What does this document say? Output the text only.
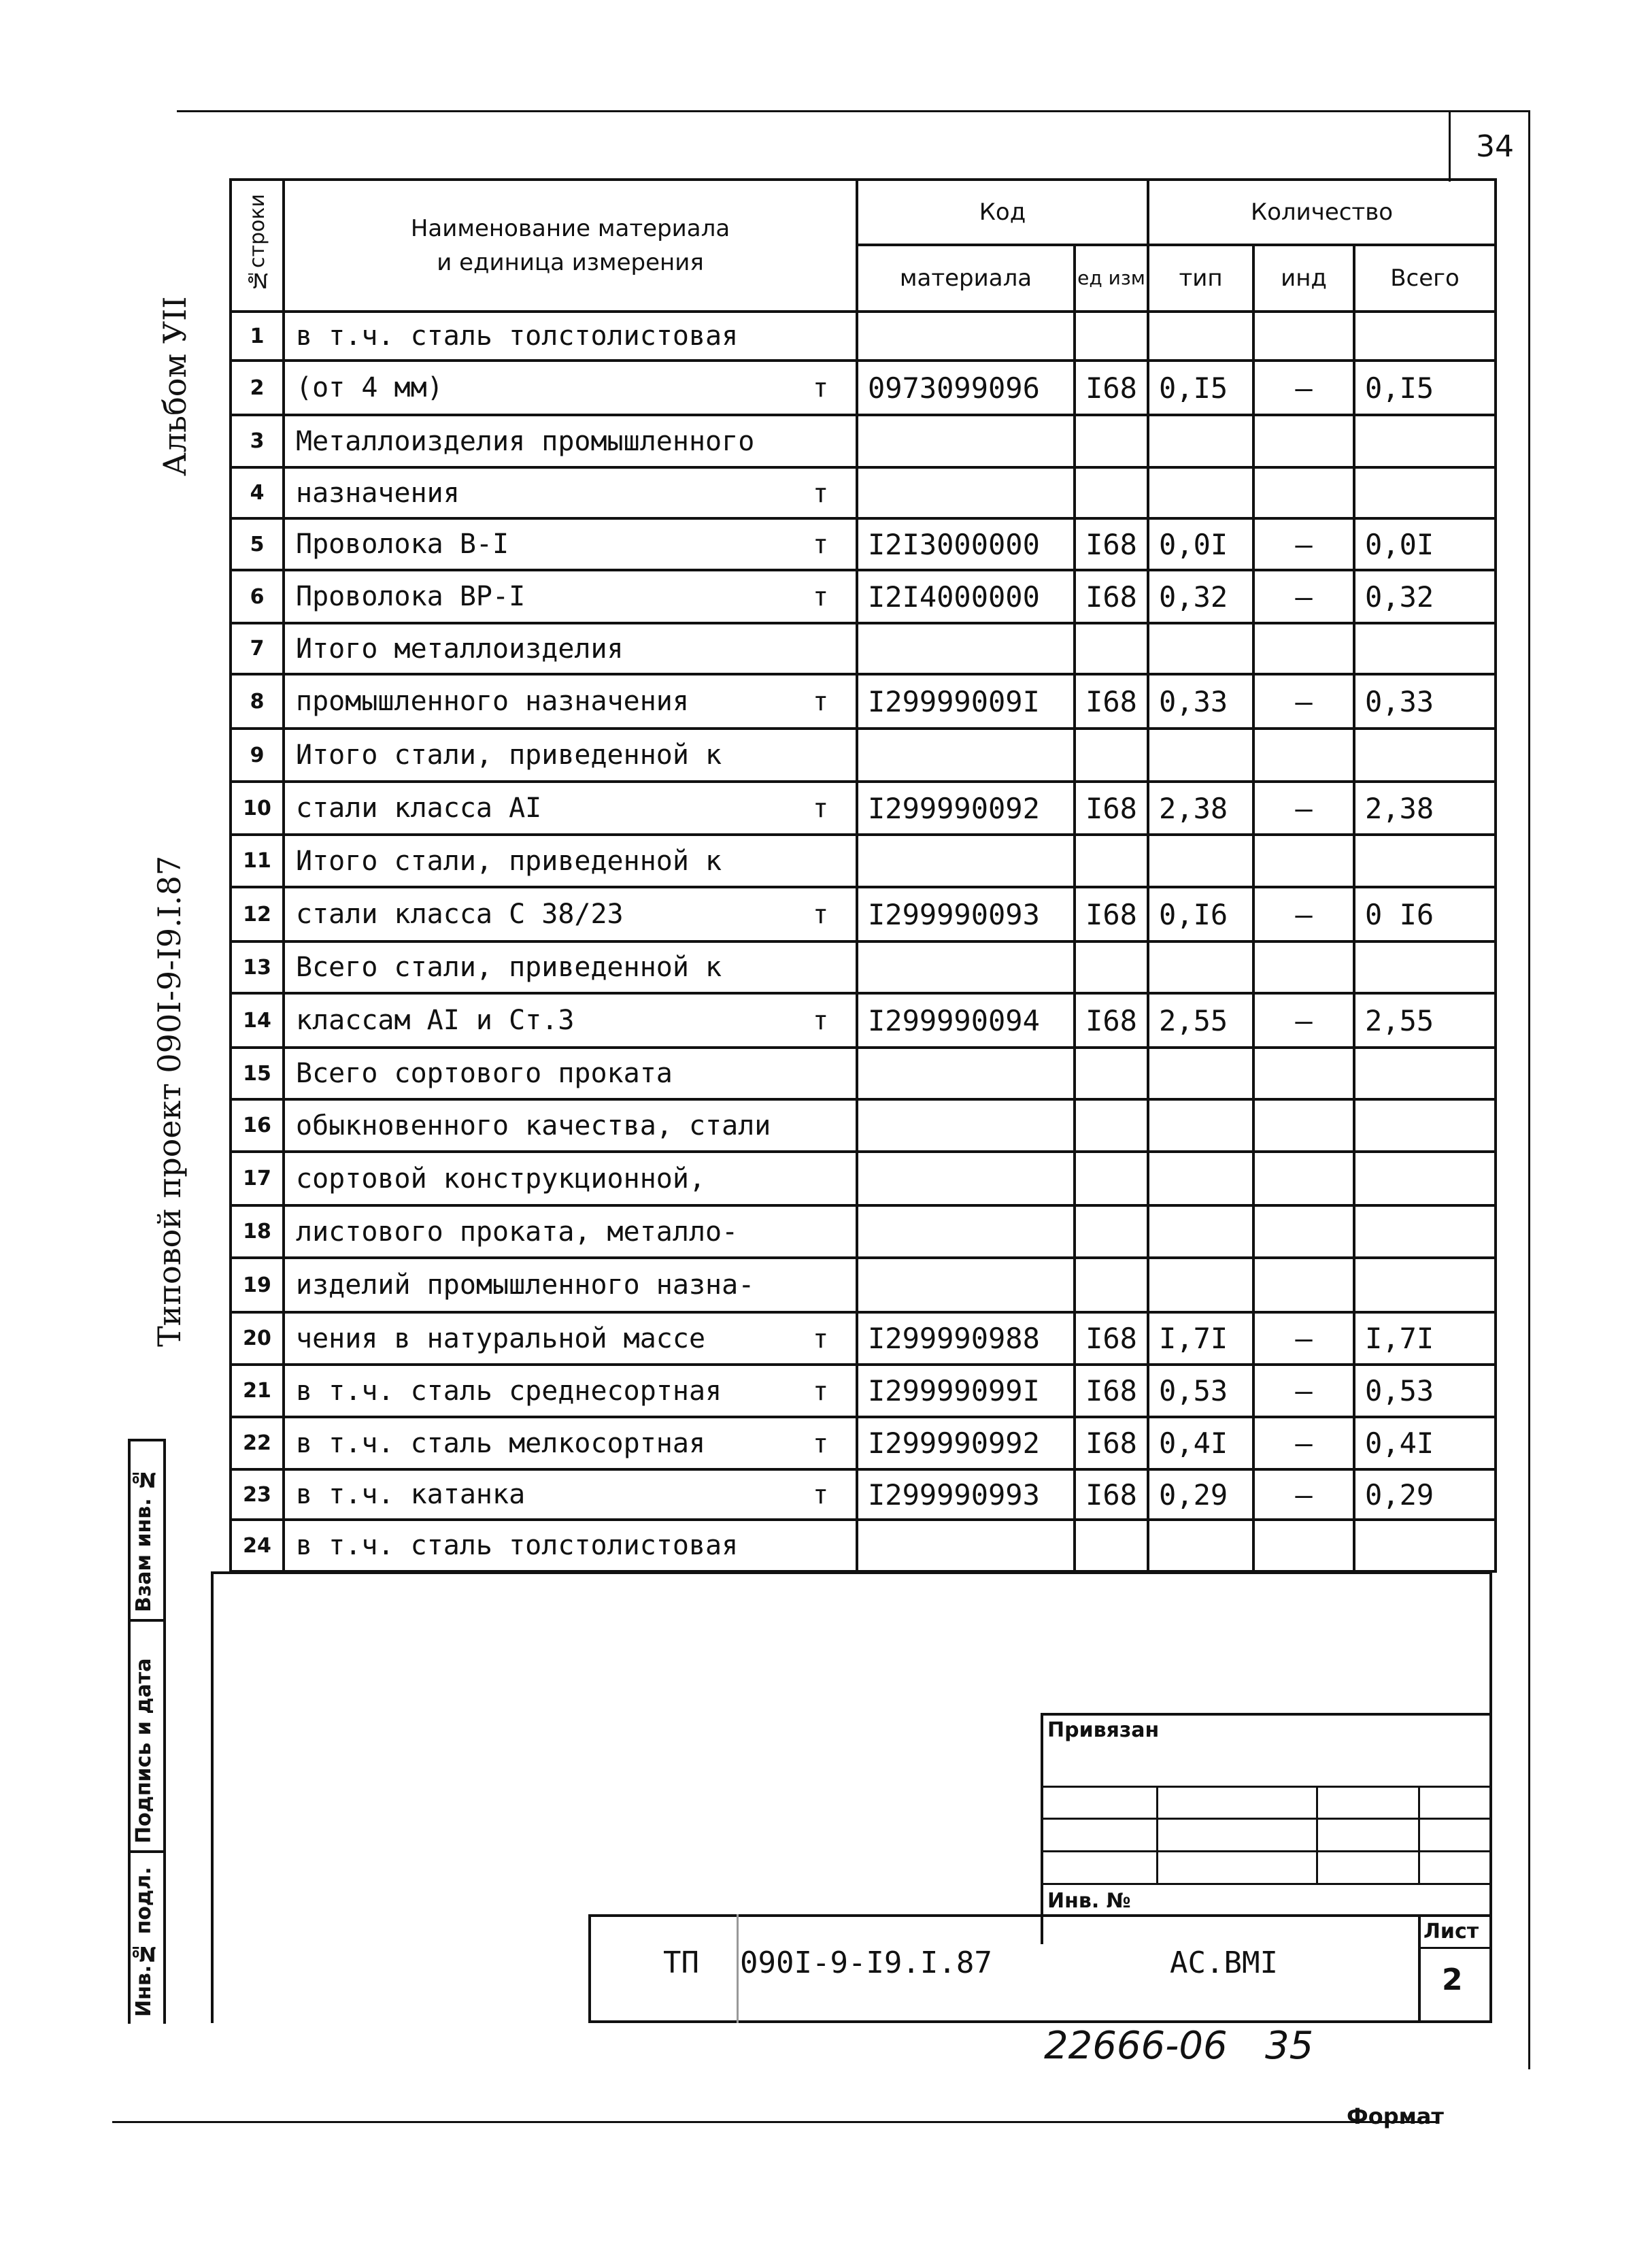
34
Альбом УII
Типовой проект 090I-9-I9.I.87
Взам инв. №
Подпись и дата
Инв.№ подл.
№строки	Наименование материала
и единица измерения	Код		Количество		
		материала	ед изм	тип	инд	Всего
1	в т.ч. сталь толстолистовая

2	(от 4 мм) т	0973099096	I68	0,I5	–	0,I5
3	Металлоизделия промышленного

4	назначения т					

5	Проволока В-I т	I2I3000000	I68	0,0I	–	0,0I
6	Проволока ВР-I т	I2I4000000	I68	0,32	–	0,32
7	Итого металлоизделия

8	промышленного назначения т	I29999009I	I68	0,33	–	0,33
9	Итого стали, приведенной к

10	стали класса АI т	I299990092	I68	2,38	–	2,38
11	Итого стали, приведенной к

12	стали класса С 38/23 т	I299990093	I68	0,I6	–	0 I6
13	Всего стали, приведенной к

14	классам АI и Ст.3 т	I299990094	I68	2,55	–	2,55
15	Всего сортового проката

16	обыкновенного качества, стали

17	сортовой конструкционной,

18	листового проката, металло-

19	изделий промышленного назна-

20	чения в натуральной массе т	I299990988	I68	I,7I	–	I,7I
21	в т.ч. сталь среднесортная т	I29999099I	I68	0,53	–	0,53
22	в т.ч. сталь мелкосортная т	I299990992	I68	0,4I	–	0,4I
23	в т.ч. катанка т	I299990993	I68	0,29	–	0,29
24	в т.ч. сталь толстолистовая

Привязан
Инв. №
ТП 090I-9-I9.I.87	АС.ВМI
Лист
2
22666-06 35
Формат
